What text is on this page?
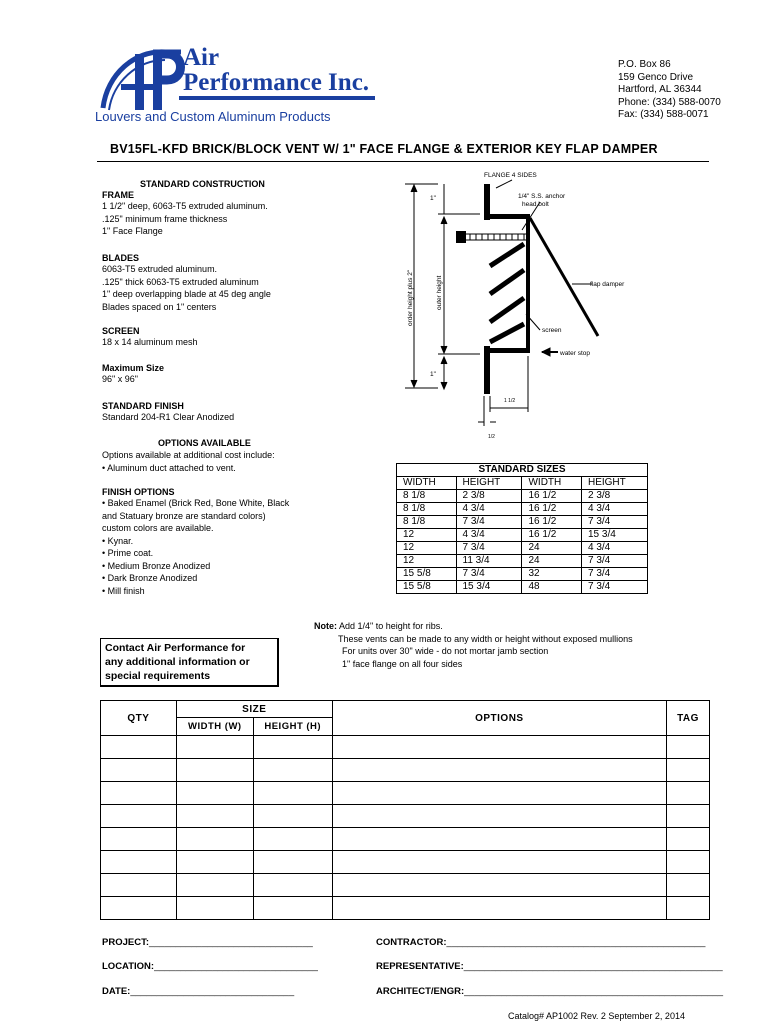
Air
Performance Inc.
Louvers and Custom Aluminum Products
P.O. Box 86
159 Genco Drive
Hartford, AL 36344
Phone: (334) 588-0070
Fax: (334) 588-0071
BV15FL-KFD BRICK/BLOCK VENT W/ 1" FACE FLANGE & EXTERIOR KEY FLAP DAMPER
STANDARD CONSTRUCTION
FRAME
1 1/2" deep, 6063-T5 extruded aluminum.
.125" minimum frame thickness
1" Face Flange
BLADES
6063-T5 extruded aluminum.
.125" thick 6063-T5 extruded aluminum
1" deep overlapping blade at 45 deg angle
Blades spaced on 1" centers
SCREEN
18 x 14 aluminum mesh
Maximum Size
96" x 96"
STANDARD FINISH
Standard 204-R1 Clear Anodized
OPTIONS AVAILABLE
Options available at additional cost include:
• Aluminum duct attached to vent.
FINISH OPTIONS
• Baked Enamel (Brick Red, Bone White, Black
and Statuary bronze are standard colors)
custom colors are available.
• Kynar.
• Prime coat.
• Medium Bronze Anodized
• Dark Bronze Anodized
• Mill finish
FLANGE 4 SIDES
1"
1"
1/4" S.S. anchor
head bolt
order height plus 2"	outer height	flap damper
screen
water stop
1 1/2
1/2
STANDARD SIZES			
WIDTH	HEIGHT	WIDTH	HEIGHT
8 1/8	2 3/8	16 1/2	2 3/8
8 1/8	4 3/4	16 1/2	4 3/4
8 1/8	7 3/4	16 1/2	7 3/4
12	4 3/4	16 1/2	15 3/4
12	7 3/4	24	4 3/4
12	11 3/4	24	7 3/4
15 5/8	7 3/4	32	7 3/4
15 5/8	15 3/4	48	7 3/4
Note: Add 1/4" to height for ribs.
These vents can be made to any width or height without exposed mullions
For units over 30" wide - do not mortar jamb section
1" face flange on all four sides
Contact Air Performance for
any additional information or
special requirements
QTY	SIZE		OPTIONS	TAG
	WIDTH (W)	HEIGHT (H)		

PROJECT:_______________________________
LOCATION:_______________________________
DATE:_______________________________
CONTRACTOR:_________________________________________________
REPRESENTATIVE:_________________________________________________
ARCHITECT/ENGR:_________________________________________________
Catalog# AP1002 Rev. 2 September 2, 2014
